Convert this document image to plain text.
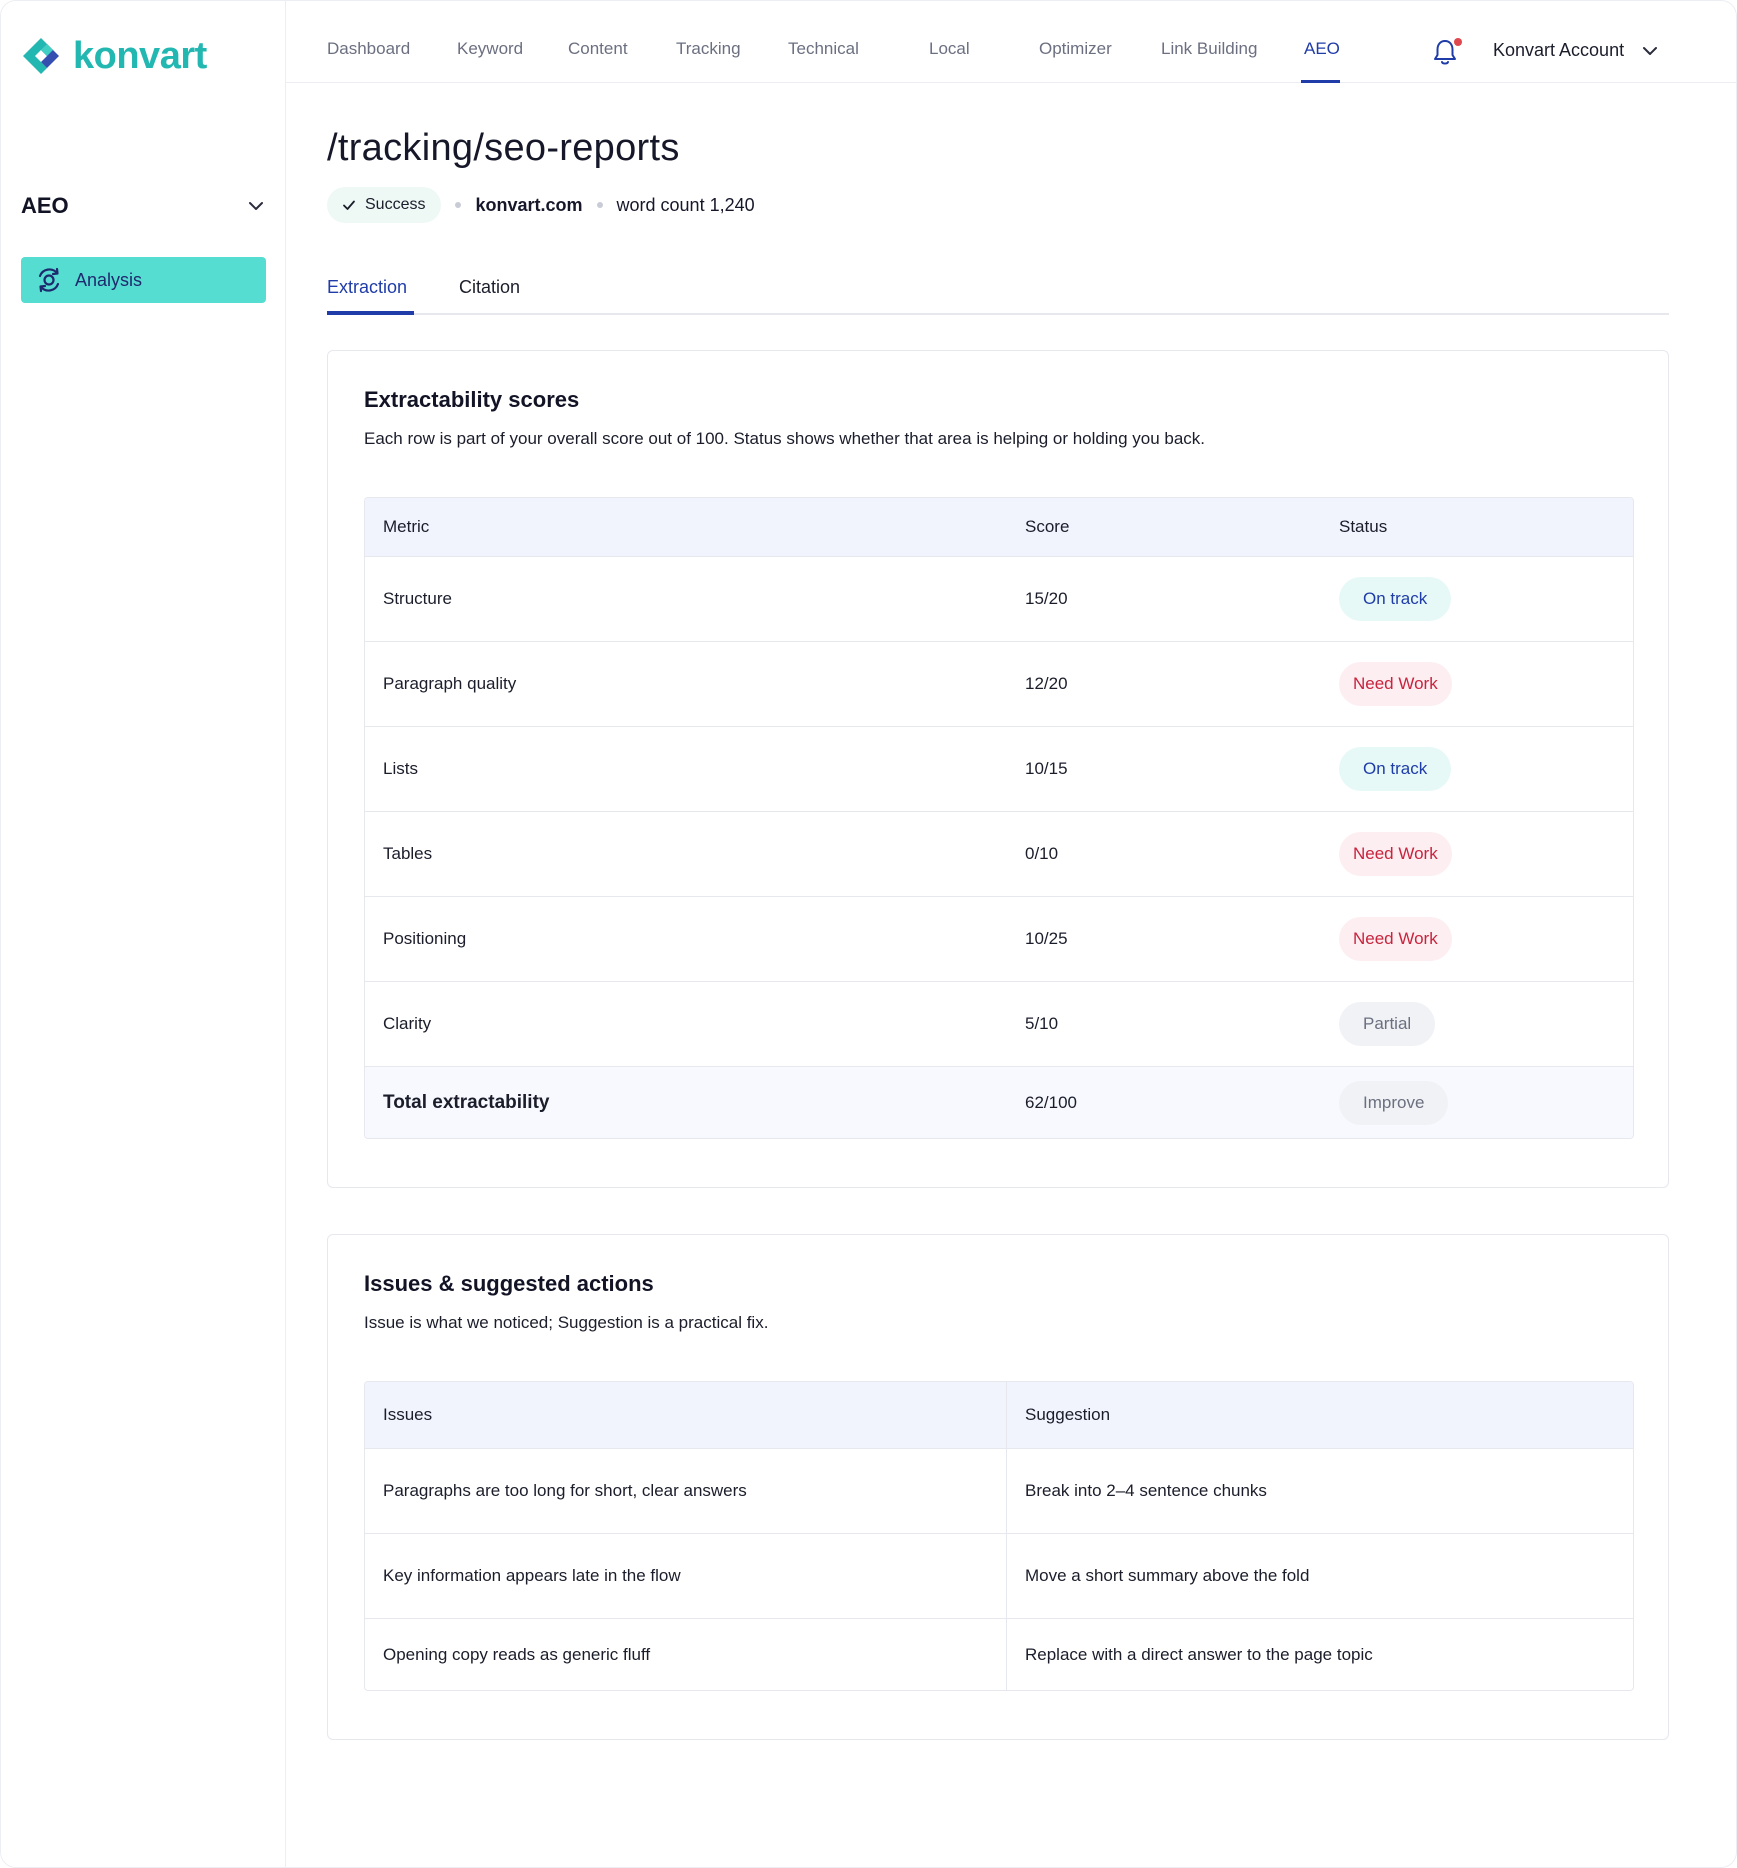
konvart
AEO
Analysis
Dashboard	Keyword	Content	Tracking	Technical	Local	Optimizer	Link Building	AEO	Konvart Account
/tracking/seo-reports
Success	konvart.com word count 1,240
Extraction	Citation
Extractability scores

Each row is part of your overall score out of 100. Status shows whether that area is helping or holding you back.

Metric	Score	Status
Structure	15/20	On track
Paragraph quality	12/20	Need Work
Lists	10/15	On track
Tables	0/10	Need Work
Positioning	10/25	Need Work
Clarity	5/10	Partial
Total extractability	62/100	Improve
Issues & suggested actions

Issue is what we noticed; Suggestion is a practical fix.

Issues	Suggestion
Paragraphs are too long for short, clear answers	Break into 2–4 sentence chunks
Key information appears late in the flow	Move a short summary above the fold
Opening copy reads as generic fluff	Replace with a direct answer to the page topic
